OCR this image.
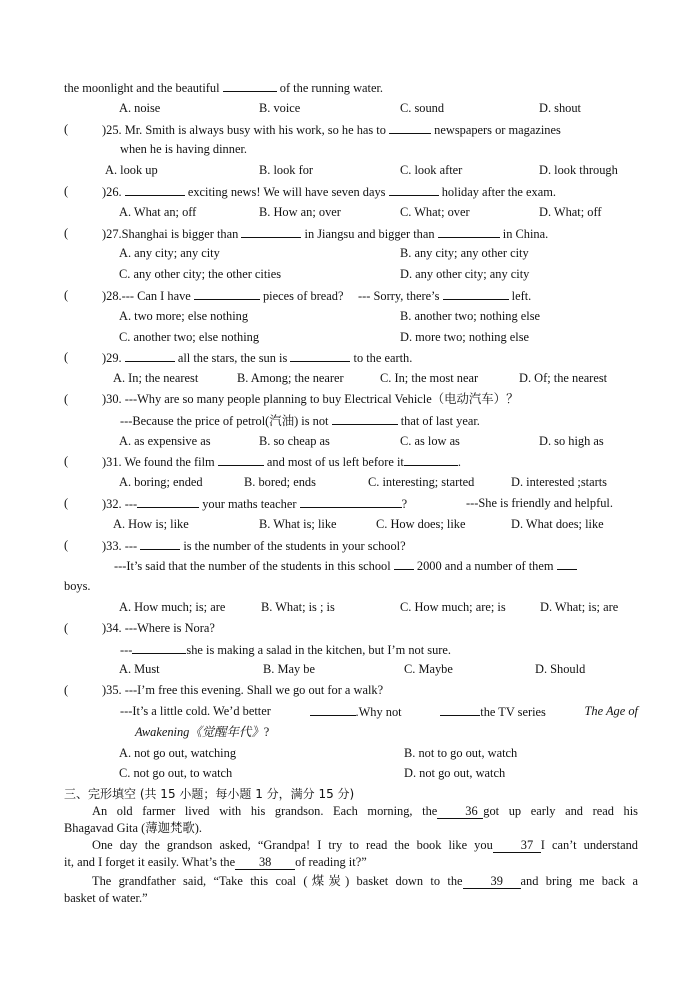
the moonlight and the beautiful	of the running water.
A. noise	B. voice	C. sound	D. shout
(	)25. Mr. Smith is always busy with his work, so he has to	newspapers or magazines
when he is having dinner.
A. look up	B. look for	C. look after	D. look through
(	)26.	exciting news! We will have seven days	holiday after the exam.
A. What an; off	B. How an; over	C. What; over	D. What; off
(	)27.Shanghai is bigger than	in Jiangsu and bigger than	in China.
A. any city; any city	B. any city; any other city
C. any other city; the other cities	D. any other city; any city
(	)28.--- Can I have	pieces of bread? --- Sorry, there’s	left.
A. two more; else nothing	B. another two; nothing else
C. another two; else nothing	D. more two; nothing else
(	)29.	all the stars, the sun is	to the earth.
A. In; the nearest	B. Among; the nearer	C. In; the most near	D. Of; the nearest
(	)30. ---Why are so many people planning to buy Electrical Vehicle（电动汽车）？
---Because the price of petrol(汽油) is not	that of last year.
A. as expensive as	B. so cheap as	C. as low as	D. so high as
(	)31. We found the film	and most of us left before it	.
A. boring; ended	B. bored; ends	C. interesting; started	D. interested ;starts
(	)32. ---	your maths teacher	?	---She is friendly and helpful.
A. How is; like	B. What is; like	C. How does; like	D. What does; like
(	)33. ---	is the number of the students in your school?
---It’s said that the number of the students in this school 2000 and a number of them
boys.
A. How much; is; are	B. What; is ; is	C. How much; are; is	D. What; is; are
(	)34. ---Where is Nora?
---	she is making a salad in the kitchen, but I’m not sure.
A. Must	B. May be	C. Maybe	D. Should
(	)35. ---I’m free this evening. Shall we go out for a walk?
---It’s a little cold. We’d better	.Why not	the TV series	The Age of
Awakening《觉醒年代》?
A. not go out, watching	B. not to go out, watch
C. not go out, to watch	D. not go out, watch
三、完形填空 (共 15 小题；每小题 1 分，满分 15 分)
An old farmer lived with his grandson. Each morning, the 36 got up early and read his
Bhagavad Gita (薄迦梵歌).
One day the grandson asked, “Grandpa! I try to read the book like you 37 I can’t understand
it, and I forget it easily. What’s the 38 of reading it?”
The grandfather said, “Take this coal (煤炭) basket down to the 39 and bring me back a
basket of water.”
